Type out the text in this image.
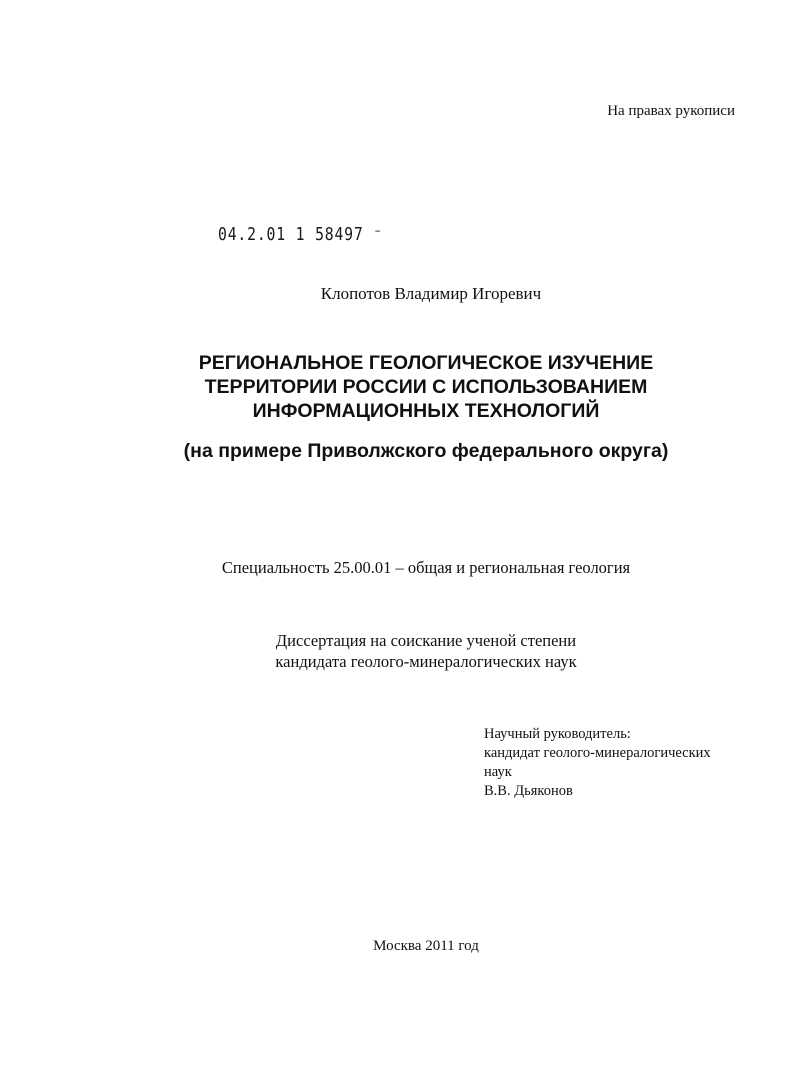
На правах рукописи
04.2.01 1 58497 ⁻
Клопотов Владимир Игоревич
РЕГИОНАЛЬНОЕ ГЕОЛОГИЧЕСКОЕ ИЗУЧЕНИЕ
ТЕРРИТОРИИ РОССИИ С ИСПОЛЬЗОВАНИЕМ
ИНФОРМАЦИОННЫХ ТЕХНОЛОГИЙ
(на примере Приволжского федерального округа)
Специальность 25.00.01 – общая и региональная геология
Диссертация на соискание ученой степени
кандидата геолого-минералогических наук
Научный руководитель:
кандидат геолого-минералогических
наук
В.В. Дьяконов
Москва 2011 год
